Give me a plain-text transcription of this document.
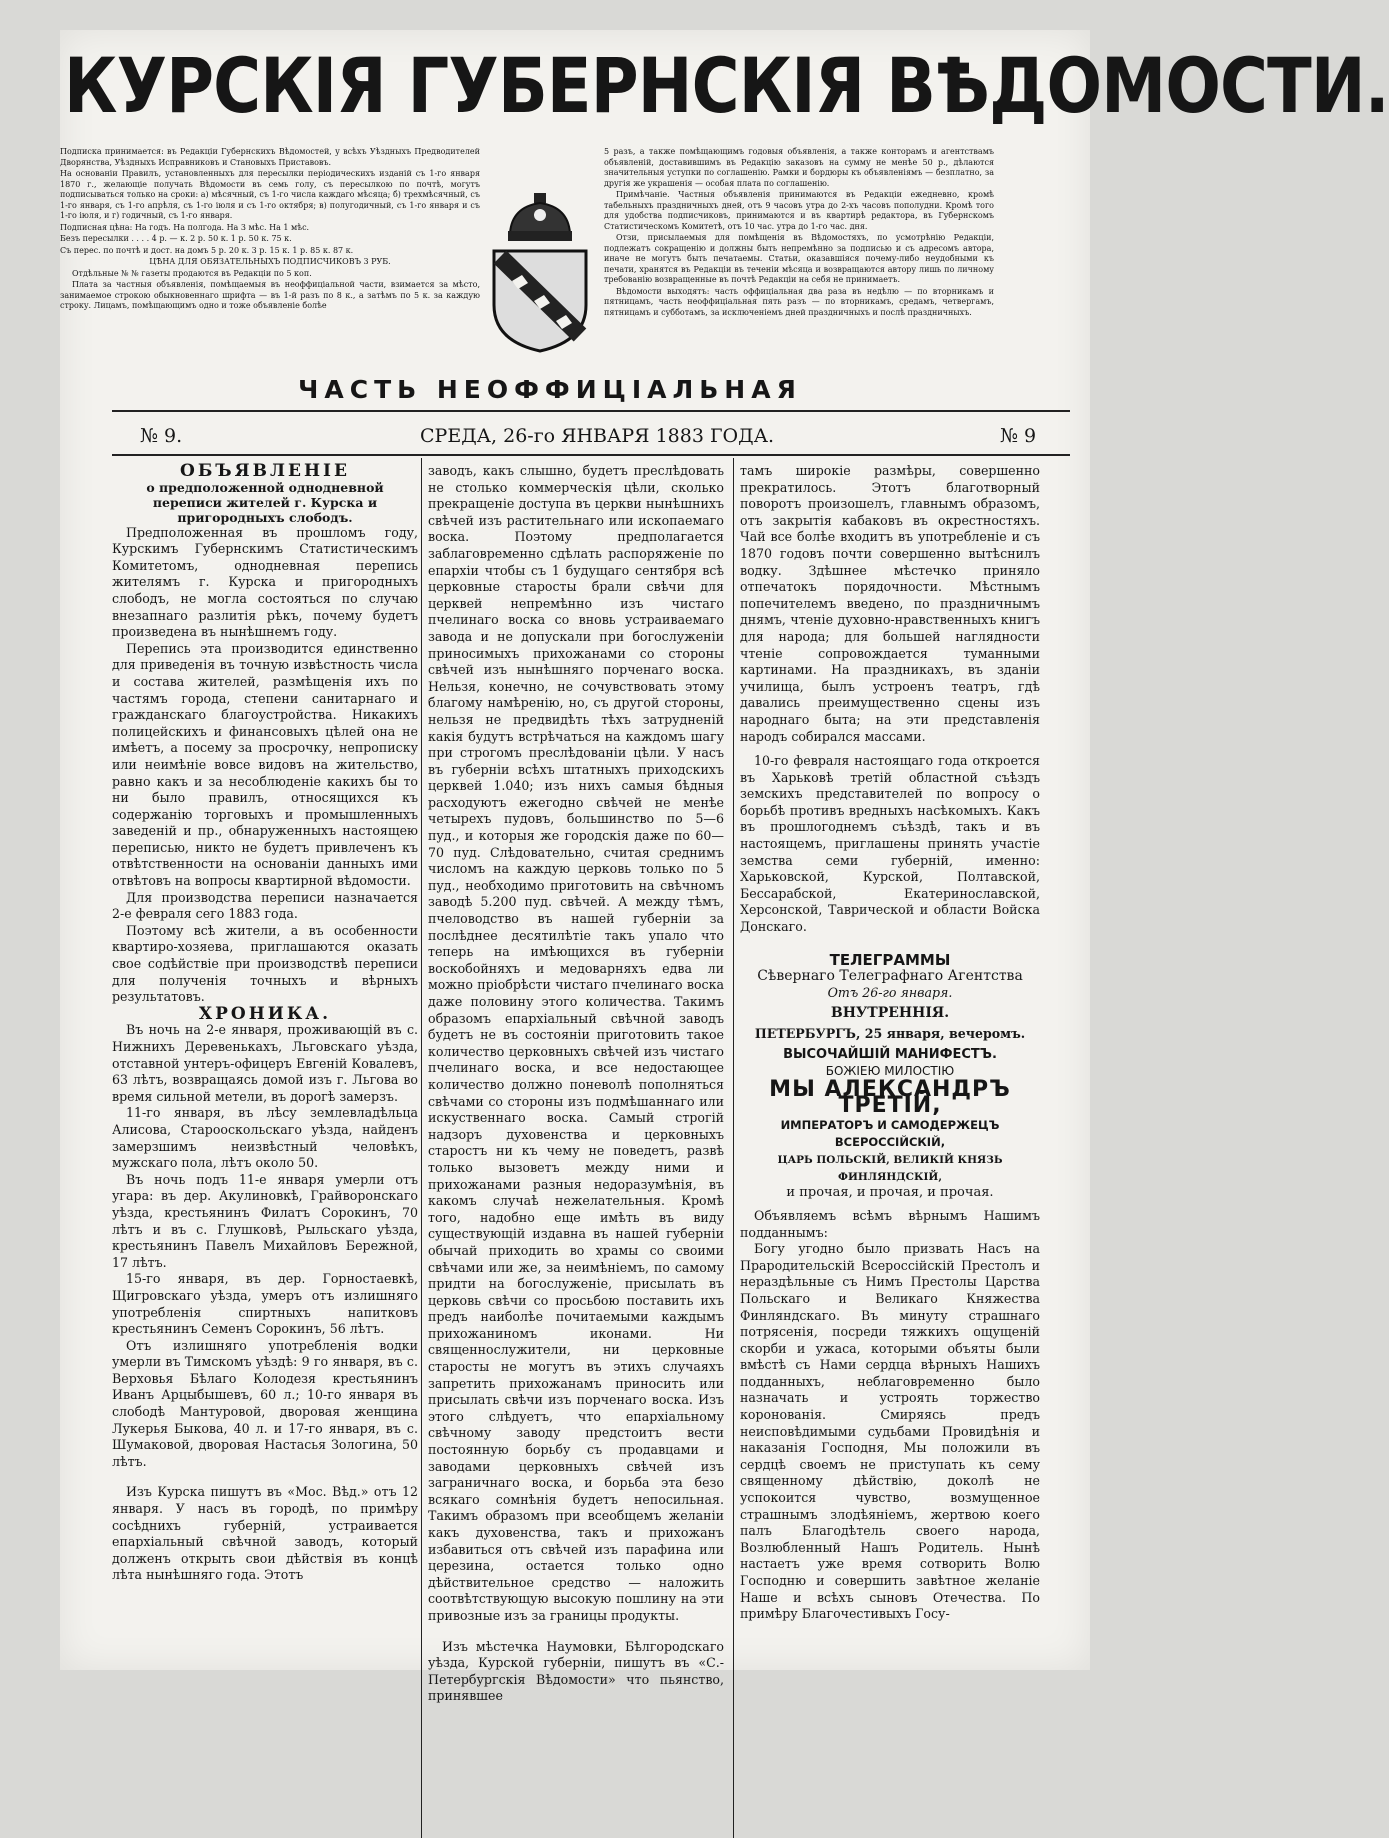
КУРСКІЯ ГУБЕРНСКІЯ ВѢДОМОСТИ.

Подписка принимается: въ Редакціи Губернскихъ Вѣдомостей, у всѣхъ Уѣздныхъ Предводителей Дворянства, Уѣздныхъ Исправниковъ и Становыхъ Приставовъ.

На основаніи Правилъ, установленныхъ для пересылки періодическихъ изданій съ 1-го января 1870 г., желающіе получать Вѣдомости въ семь голу, съ пересылкою по почтѣ, могутъ подписываться только на сроки: а) мѣсячный, съ 1-го числа каждаго мѣсяца; б) трехмѣсячный, съ 1-го января, съ 1-го апрѣля, съ 1-го іюля и съ 1-го октября; в) полугодичный, съ 1-го января и съ 1-го іюля, и г) годичный, съ 1-го января.

Подписная цѣна: На годъ. На полгода. На 3 мѣс. На 1 мѣс.

Безъ пересылки . . . . 4 р. — к. 2 р. 50 к. 1 р. 50 к. 75 к.

Съ перес. по почтѣ и дост. на домъ 5 р. 20 к. 3 р. 15 к. 1 р. 85 к. 87 к.

ЦѢНА ДЛЯ ОБЯЗАТЕЛЬНЫХЪ ПОДПИСЧИКОВЪ 3 РУБ.

Отдѣльные № № газеты продаются въ Редакціи по 5 коп.

Плата за частныя объявленія, помѣщаемыя въ неоффиціальной части, взимается за мѣсто, занимаемое строкою обыкновеннаго шрифта — въ 1-й разъ по 8 к., а затѣмъ по 5 к. за каждую строку. Лицамъ, помѣщающимъ одно и тоже объявленіе болѣе

5 разъ, а также помѣщающимъ годовыя объявленія, а также конторамъ и агентствамъ объявленій, доставившимъ въ Редакцію заказовъ на сумму не менѣе 50 р., дѣлаются значительныя уступки по соглашенію. Рамки и бордюры къ объявленіямъ — безплатно, за другія же украшенія — особая плата по соглашенію.

Примѣчаніе. Частныя объявленія принимаются въ Редакціи ежедневно, кромѣ табельныхъ праздничныхъ дней, отъ 9 часовъ утра до 2-хъ часовъ пополудни. Кромѣ того для удобства подписчиковъ, принимаются и въ квартирѣ редактора, въ Губернскомъ Статистическомъ Комитетѣ, отъ 10 час. утра до 1-го час. дня.

Отзи, присылаемыя для помѣщенія въ Вѣдомостяхъ, по усмотрѣнію Редакціи, подлежатъ сокращенію и должны быть непремѣнно за подписью и съ адресомъ автора, иначе не могутъ быть печатаемы. Статьи, оказавшіяся почему-либо неудобными къ печати, хранятся въ Редакціи въ теченіи мѣсяца и возвращаются автору лишь по личному требованію возвращенные въ почтѣ Редакціи на себя не принимаетъ.

Вѣдомости выходятъ: часть оффиціальная два раза въ недѣлю — по вторникамъ и пятницамъ, часть неоффиціальная пять разъ — по вторникамъ, средамъ, четвергамъ, пятницамъ и субботамъ, за исключеніемъ дней праздничныхъ и послѣ праздничныхъ.

ЧАСТЬ НЕОФФИЦІАЛЬНАЯ
№ 9.	СРЕДА, 26-го ЯНВАРЯ 1883 ГОДА.	№ 9

ОБЪЯВЛЕНІЕ

о предположенной однодневной переписи жителей г. Курска и пригородныхъ слободъ.

Предположенная въ прошломъ году, Курскимъ Губернскимъ Статистическимъ Комитетомъ, однодневная перепись жителямъ г. Курска и пригородныхъ слободъ, не могла состояться по случаю внезапнаго разлитія рѣкъ, почему будетъ произведена въ нынѣшнемъ году.

Перепись эта производится единственно для приведенія въ точную извѣстность числа и состава жителей, размѣщенія ихъ по частямъ города, степени санитарнаго и гражданскаго благоустройства. Никакихъ полицейскихъ и финансовыхъ цѣлей она не имѣетъ, а посему за просрочку, непрописку или неимѣніе вовсе видовъ на жительство, равно какъ и за несоблюденіе какихъ бы то ни было правилъ, относящихся къ содержанію торговыхъ и промышленныхъ заведеній и пр., обнаруженныхъ настоящею переписью, никто не будетъ привлеченъ къ отвѣтственности на основаніи данныхъ ими отвѣтовъ на вопросы квартирной вѣдомости.

Для производства переписи назначается 2-е февраля сего 1883 года.

Поэтому всѣ жители, а въ особенности квартиро-хозяева, приглашаются оказать свое содѣйствіе при производствѣ переписи для полученія точныхъ и вѣрныхъ результатовъ.

ХРОНИКА.

Въ ночь на 2-е января, проживающій въ с. Нижнихъ Деревенькахъ, Льговскаго уѣзда, отставной унтеръ-офицеръ Евгеній Ковалевъ, 63 лѣтъ, возвращаясь домой изъ г. Льгова во время сильной метели, въ дорогѣ замерзъ.

11-го января, въ лѣсу землевладѣльца Алисова, Старооскольскаго уѣзда, найденъ замерзшимъ неизвѣстный человѣкъ, мужскаго пола, лѣтъ около 50.

Въ ночь подъ 11-е января умерли отъ угара: въ дер. Акулиновкѣ, Грайворонскаго уѣзда, крестьянинъ Филатъ Сорокинъ, 70 лѣтъ и въ с. Глушковѣ, Рыльскаго уѣзда, крестьянинъ Павелъ Михайловъ Бережной, 17 лѣтъ.

15-го января, въ дер. Горностаевкѣ, Щигровскаго уѣзда, умеръ отъ излишняго употребленія спиртныхъ напитковъ крестьянинъ Семенъ Сорокинъ, 56 лѣтъ.

Отъ излишняго употребленія водки умерли въ Тимскомъ уѣздѣ: 9 го января, въ с. Верховья Бѣлаго Колодезя крестьянинъ Иванъ Арцыбышевъ, 60 л.; 10-го января въ слободѣ Мантуровой, дворовая женщина Лукерья Быкова, 40 л. и 17-го января, въ с. Шумаковой, дворовая Настасья Зологина, 50 лѣтъ.

Изъ Курска пишутъ въ «Мос. Вѣд.» отъ 12 января. У насъ въ городѣ, по примѣру сосѣднихъ губерній, устраивается епархіальный свѣчной заводъ, который долженъ открыть свои дѣйствія въ концѣ лѣта нынѣшняго года. Этотъ

заводъ, какъ слышно, будетъ преслѣдовать не столько коммерческія цѣли, сколько прекращеніе доступа въ церкви нынѣшнихъ свѣчей изъ растительнаго или ископаемаго воска. Поэтому предполагается заблаговременно сдѣлать распоряженіе по епархіи чтобы съ 1 будущаго сентября всѣ церковные старосты брали свѣчи для церквей непремѣнно изъ чистаго пчелинаго воска со вновь устраиваемаго завода и не допускали при богослуженіи приносимыхъ прихожанами со стороны свѣчей изъ нынѣшняго порченаго воска. Нельзя, конечно, не сочувствовать этому благому намѣренію, но, съ другой стороны, нельзя не предвидѣть тѣхъ затрудненій какія будутъ встрѣчаться на каждомъ шагу при строгомъ преслѣдованіи цѣли. У насъ въ губерніи всѣхъ штатныхъ приходскихъ церквей 1.040; изъ нихъ самыя бѣдныя расходуютъ ежегодно свѣчей не менѣе четырехъ пудовъ, большинство по 5—6 пуд., и которыя же городскія даже по 60—70 пуд. Слѣдовательно, считая среднимъ числомъ на каждую церковь только по 5 пуд., необходимо приготовить на свѣчномъ заводѣ 5.200 пуд. свѣчей. А между тѣмъ, пчеловодство въ нашей губерніи за послѣднее десятилѣтіе такъ упало что теперь на имѣющихся въ губерніи воскобойняхъ и медоварняхъ едва ли можно пріобрѣсти чистаго пчелинаго воска даже половину этого количества. Такимъ образомъ епархіальный свѣчной заводъ будетъ не въ состояніи приготовить такое количество церковныхъ свѣчей изъ чистаго пчелинаго воска, и все недостающее количество должно поневолѣ пополняться свѣчами со стороны изъ подмѣшаннаго или искуственнаго воска. Самый строгій надзоръ духовенства и церковныхъ старостъ ни къ чему не поведетъ, развѣ только вызоветъ между ними и прихожанами разныя недоразумѣнія, въ какомъ случаѣ нежелательныя. Кромѣ того, надобно еще имѣть въ виду существующій издавна въ нашей губерніи обычай приходить во храмы со своими свѣчами или же, за неимѣніемъ, по самому придти на богослуженіе, присылать въ церковь свѣчи со просьбою поставить ихъ предъ наиболѣе почитаемыми каждымъ прихожаниномъ иконами. Ни священнослужители, ни церковные старосты не могутъ въ этихъ случаяхъ запретить прихожанамъ приносить или присылать свѣчи изъ порченаго воска. Изъ этого слѣдуетъ, что епархіальному свѣчному заводу предстоитъ вести постоянную борьбу съ продавцами и заводами церковныхъ свѣчей изъ заграничнаго воска, и борьба эта безо всякаго сомнѣнія будетъ непосильная. Такимъ образомъ при всеобщемъ желаніи какъ духовенства, такъ и прихожанъ избавиться отъ свѣчей изъ парафина или церезина, остается только одно дѣйствительное средство — наложить соотвѣтствующую высокую пошлину на эти привозные изъ за границы продукты.

Изъ мѣстечка Наумовки, Бѣлгородскаго уѣзда, Курской губерніи, пишутъ въ «С.-Петербургскія Вѣдомости» что пьянство, принявшее

тамъ широкіе размѣры, совершенно прекратилось. Этотъ благотворный поворотъ произошелъ, главнымъ образомъ, отъ закрытія кабаковъ въ окрестностяхъ. Чай все болѣе входитъ въ употребленіе и съ 1870 годовъ почти совершенно вытѣснилъ водку. Здѣшнее мѣстечко приняло отпечатокъ порядочности. Мѣстнымъ попечителемъ введено, по праздничнымъ днямъ, чтеніе духовно-нравственныхъ книгъ для народа; для большей наглядности чтеніе сопровождается туманными картинами. На праздникахъ, въ зданіи училища, былъ устроенъ театръ, гдѣ давались преимущественно сцены изъ народнаго быта; на эти представленія народъ собирался массами.

10-го февраля настоящаго года откроется въ Харьковѣ третій областной съѣздъ земскихъ представителей по вопросу о борьбѣ противъ вредныхъ насѣкомыхъ. Какъ въ прошлогоднемъ съѣздѣ, такъ и въ настоящемъ, приглашены принять участіе земства семи губерній, именно: Харьковской, Курской, Полтавской, Бессарабской, Екатеринославской, Херсонской, Таврической и области Войска Донскаго.

ТЕЛЕГРАММЫ
Сѣвернаго Телеграфнаго Агентства
Отъ 26-го января.
ВНУТРЕННІЯ.
ПЕТЕРБУРГЪ, 25 января, вечеромъ.
ВЫСОЧАЙШІЙ МАНИФЕСТЪ.
БОЖІЕЮ МИЛОСТІЮ
МЫ АЛЕКСАНДРЪ ТРЕТІЙ,
ИМПЕРАТОРЪ И САМОДЕРЖЕЦЪ ВСЕРОССІЙСКІЙ,
ЦАРЬ ПОЛЬСКІЙ, ВЕЛИКІЙ КНЯЗЬ ФИНЛЯНДСКІЙ,
и прочая, и прочая, и прочая.

Объявляемъ всѣмъ вѣрнымъ Нашимъ подданнымъ:

Богу угодно было призвать Насъ на Прародительскій Всероссійскій Престолъ и нераздѣльные съ Нимъ Престолы Царства Польскаго и Великаго Княжества Финляндскаго. Въ минуту страшнаго потрясенія, посреди тяжкихъ ощущеній скорби и ужаса, которыми объяты были вмѣстѣ съ Нами сердца вѣрныхъ Нашихъ подданныхъ, неблаговременно было назначать и устроять торжество коронованія. Смиряясь предъ неисповѣдимыми судьбами Провидѣнія и наказанія Господня, Мы положили въ сердцѣ своемъ не приступать къ сему священному дѣйствію, доколѣ не успокоится чувство, возмущенное страшнымъ злодѣяніемъ, жертвою коего палъ Благодѣтель своего народа, Возлюбленный Нашъ Родитель. Нынѣ настаетъ уже время сотворить Волю Господню и совершить завѣтное желаніе Наше и всѣхъ сыновъ Отечества. По примѣру Благочестивыхъ Госу-
